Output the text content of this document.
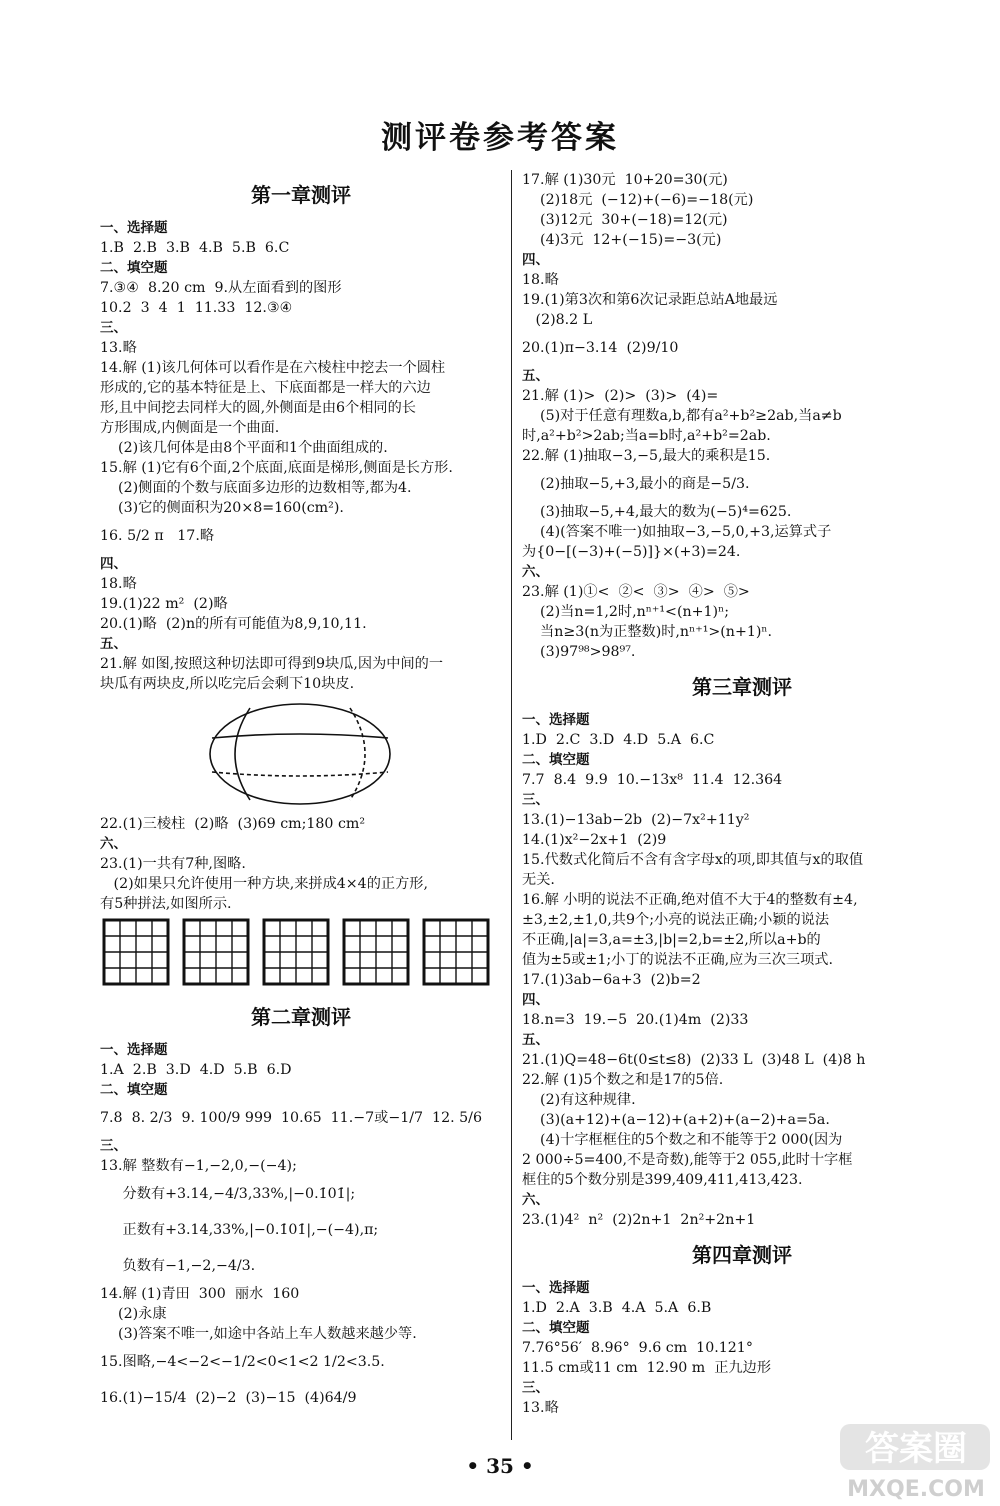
测评卷参考答案
第一章测评
一、选择题
1.B  2.B  3.B  4.B  5.B  6.C
二、填空题
7.③④  8.20 cm  9.从左面看到的图形
10.2  3  4  1  11.33  12.③④
三、
13.略
14.解 (1)该几何体可以看作是在六棱柱中挖去一个圆柱
形成的,它的基本特征是上、下底面都是一样大的六边
形,且中间挖去同样大的圆,外侧面是由6个相同的长
方形围成,内侧面是一个曲面.
(2)该几何体是由8个平面和1个曲面组成的.
15.解 (1)它有6个面,2个底面,底面是梯形,侧面是长方形.
(2)侧面的个数与底面多边形的边数相等,都为4.
(3)它的侧面积为20×8=160(cm²).
16. 5/2 π   17.略
四、
18.略
19.(1)22 m²  (2)略
20.(1)略  (2)n的所有可能值为8,9,10,11.
五、
21.解 如图,按照这种切法即可得到9块瓜,因为中间的一
块瓜有两块皮,所以吃完后会剩下10块皮.
22.(1)三棱柱  (2)略  (3)69 cm;180 cm²
六、
23.(1)一共有7种,图略.
(2)如果只允许使用一种方块,来拼成4×4的正方形,
有5种拼法,如图所示.
第二章测评
一、选择题
1.A  2.B  3.D  4.D  5.B  6.D
二、填空题
7.8  8. 2/3  9. 100/9 999  10.65  11.−7或−1/7  12. 5/6
三、
13.解 整数有−1,−2,0,−(−4);
分数有+3.14,−4/3,33%,|−0.1̇01̇|;
正数有+3.14,33%,|−0.1̇01̇|,−(−4),π;
负数有−1,−2,−4/3.
14.解 (1)青田  300  丽水  160
(2)永康
(3)答案不唯一,如途中各站上车人数越来越少等.
15.图略,−4<−2<−1/2<0<1<2 1/2<3.5.
16.(1)−15/4  (2)−2  (3)−15  (4)64/9
17.解 (1)30元  10+20=30(元)
(2)18元  (−12)+(−6)=−18(元)
(3)12元  30+(−18)=12(元)
(4)3元  12+(−15)=−3(元)
四、
18.略
19.(1)第3次和第6次记录距总站A地最远
(2)8.2 L
20.(1)π−3.14  (2)9/10
五、
21.解 (1)>  (2)>  (3)>  (4)=
(5)对于任意有理数a,b,都有a²+b²≥2ab,当a≠b
时,a²+b²>2ab;当a=b时,a²+b²=2ab.
22.解 (1)抽取−3,−5,最大的乘积是15.
(2)抽取−5,+3,最小的商是−5/3.
(3)抽取−5,+4,最大的数为(−5)⁴=625.
(4)(答案不唯一)如抽取−3,−5,0,+3,运算式子
为{0−[(−3)+(−5)]}×(+3)=24.
六、
23.解 (1)①<  ②<  ③>  ④>  ⑤>
(2)当n=1,2时,nⁿ⁺¹<(n+1)ⁿ;
当n≥3(n为正整数)时,nⁿ⁺¹>(n+1)ⁿ.
(3)97⁹⁸>98⁹⁷.
第三章测评
一、选择题
1.D  2.C  3.D  4.D  5.A  6.C
二、填空题
7.7  8.4  9.9  10.−13x⁸  11.4  12.364
三、
13.(1)−13ab−2b  (2)−7x²+11y²
14.(1)x²−2x+1  (2)9
15.代数式化简后不含有含字母x的项,即其值与x的取值
无关.
16.解 小明的说法不正确,绝对值不大于4的整数有±4,
±3,±2,±1,0,共9个;小亮的说法正确;小颖的说法
不正确,|a|=3,a=±3,|b|=2,b=±2,所以a+b的
值为±5或±1;小丁的说法不正确,应为三次三项式.
17.(1)3ab−6a+3  (2)b=2
四、
18.n=3  19.−5  20.(1)4m  (2)33
五、
21.(1)Q=48−6t(0≤t≤8)  (2)33 L  (3)48 L  (4)8 h
22.解 (1)5个数之和是17的5倍.
(2)有这种规律.
(3)(a+12)+(a−12)+(a+2)+(a−2)+a=5a.
(4)十字框框住的5个数之和不能等于2 000(因为
2 000÷5=400,不是奇数),能等于2 055,此时十字框
框住的5个数分别是399,409,411,413,423.
六、
23.(1)4²  n²  (2)2n+1  2n²+2n+1
第四章测评
一、选择题
1.D  2.A  3.B  4.A  5.A  6.B
二、填空题
7.76°56′  8.96°  9.6 cm  10.121°
11.5 cm或11 cm  12.90 m  正九边形
三、
13.略
• 35 •	答案圈
MXQE.COM
